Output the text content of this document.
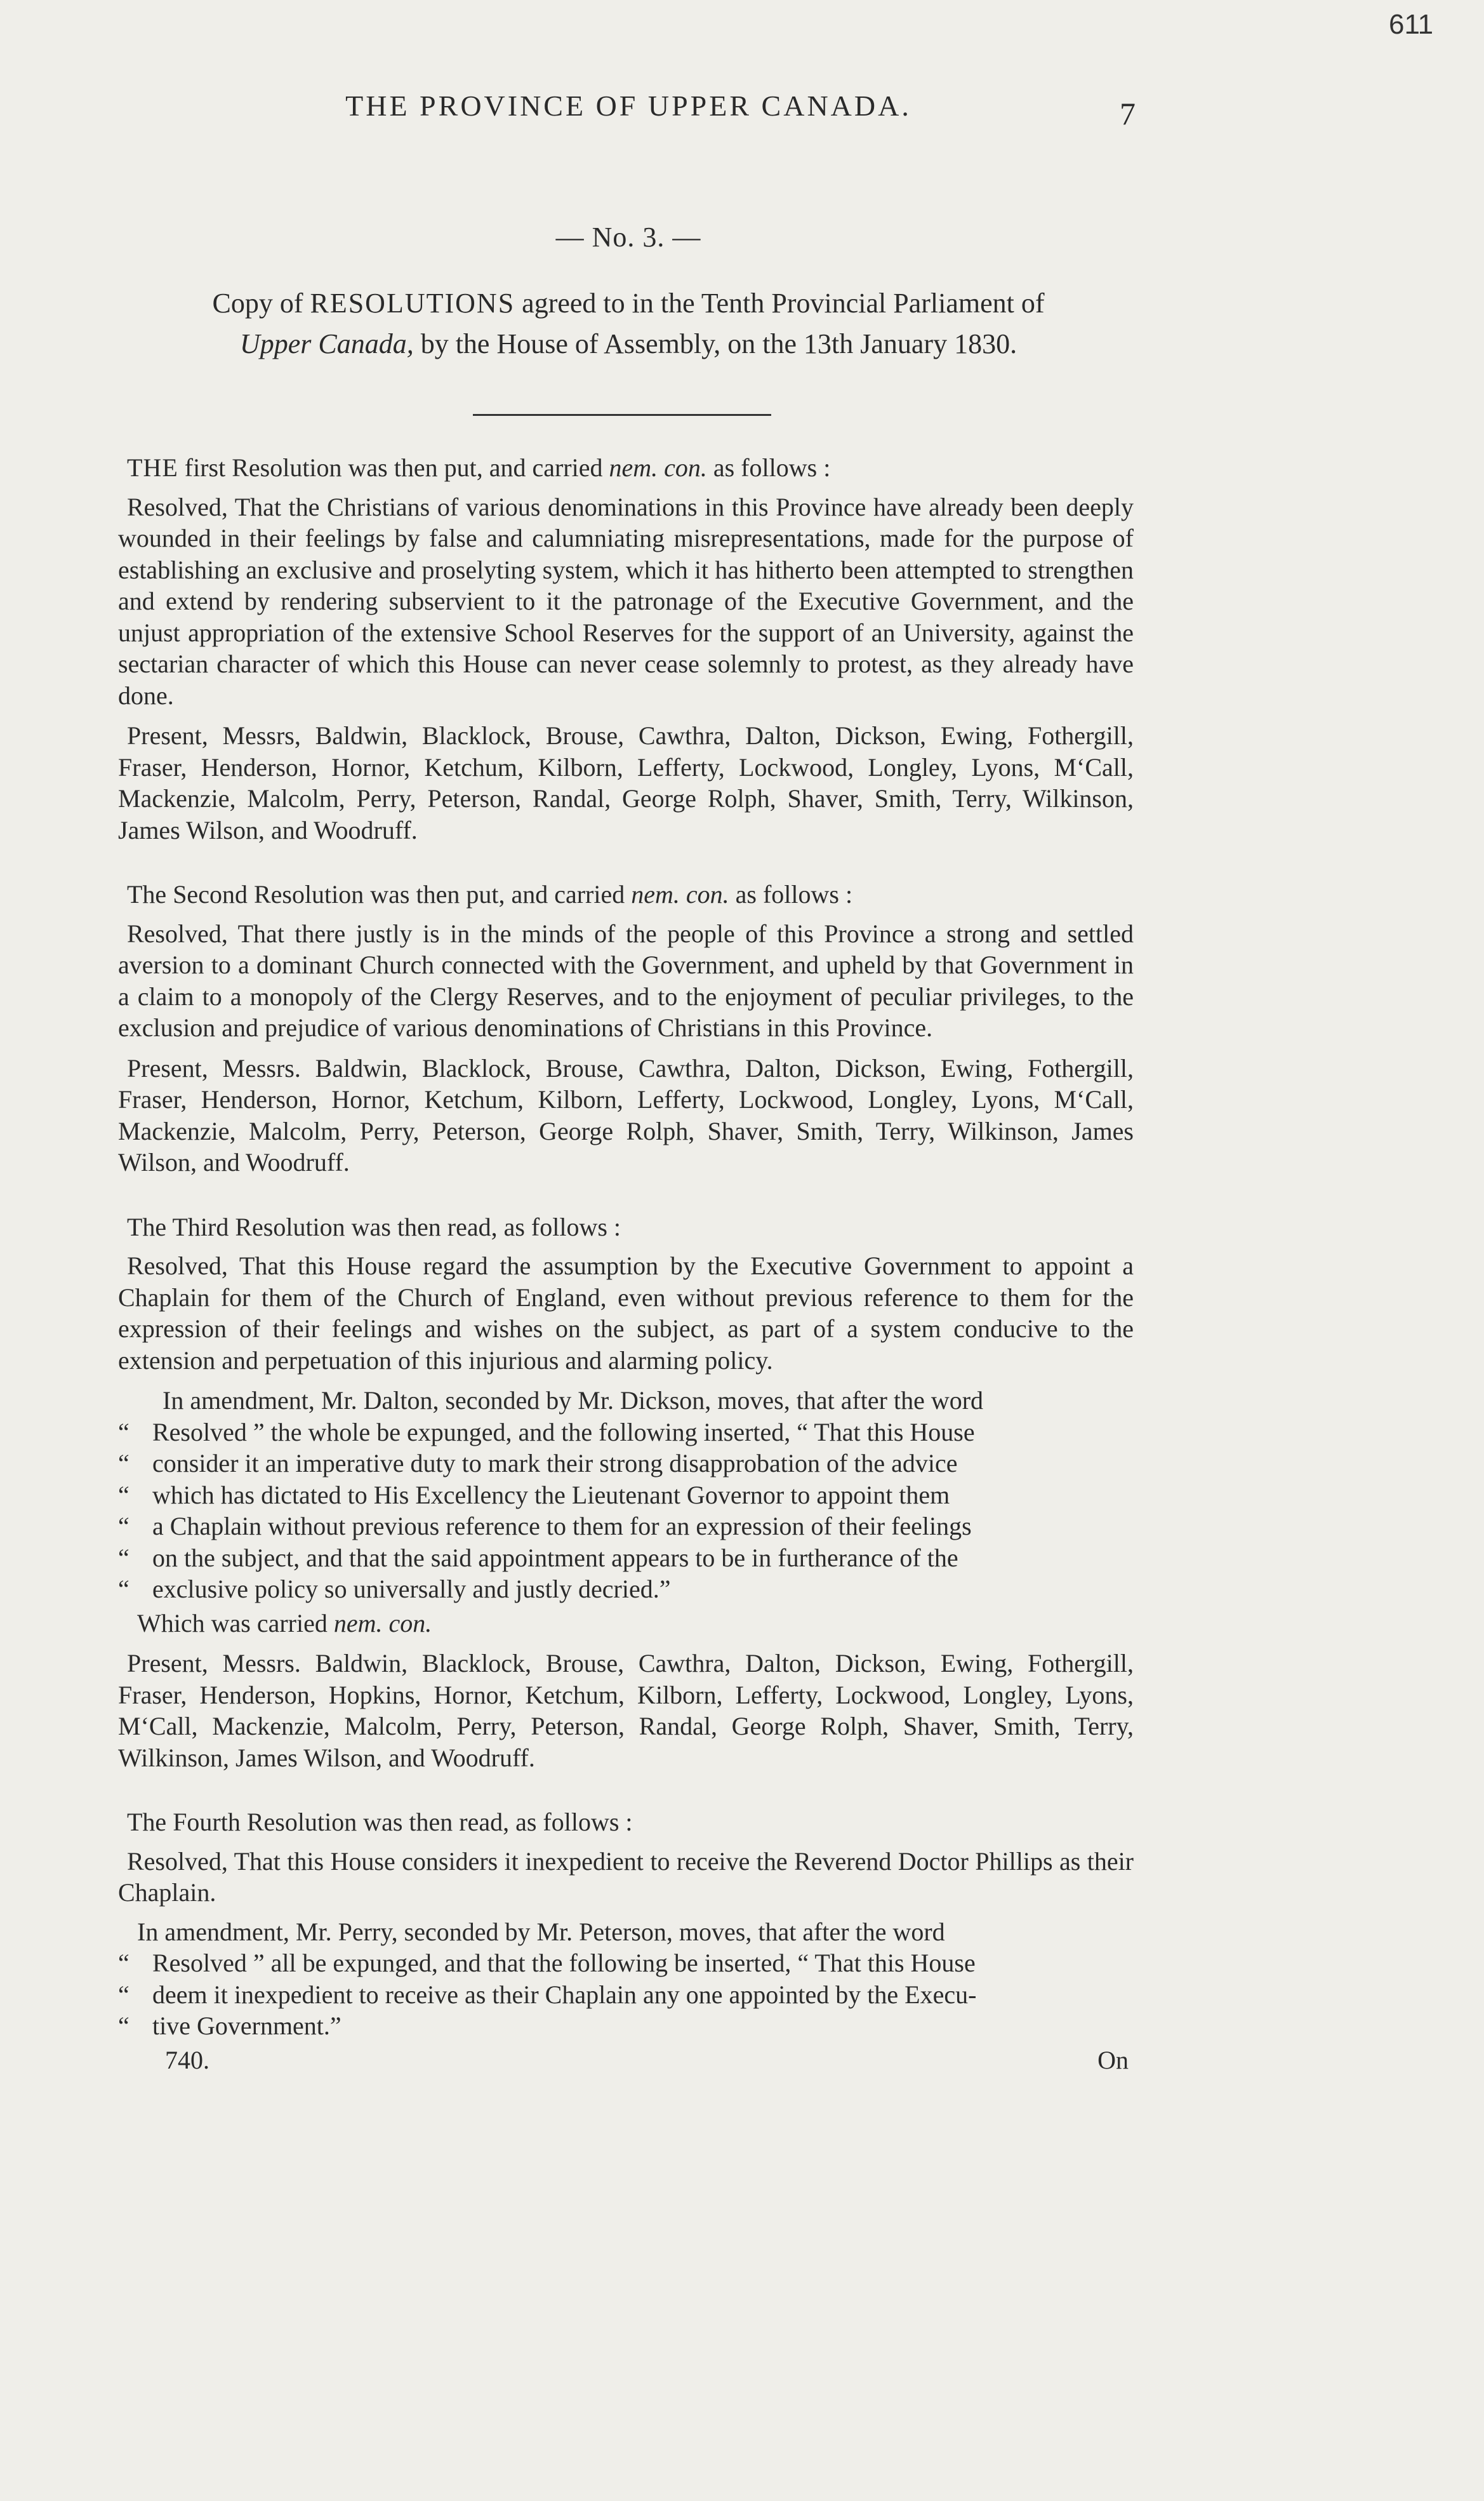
611
THE PROVINCE OF UPPER CANADA.	7
— No. 3. —
Copy of RESOLUTIONS agreed to in the Tenth Provincial Parliament of
Upper Canada, by the House of Assembly, on the 13th January 1830.

THE first Resolution was then put, and carried nem. con. as follows :

Resolved, That the Christians of various denominations in this Province have already been deeply wounded in their feelings by false and calumniating misrepresentations, made for the purpose of establishing an exclusive and proselyting system, which it has hitherto been attempted to strengthen and extend by rendering subservient to it the patronage of the Executive Government, and the unjust appropriation of the extensive School Reserves for the support of an University, against the sectarian character of which this House can never cease solemnly to protest, as they already have done.

Present, Messrs, Baldwin, Blacklock, Brouse, Cawthra, Dalton, Dickson, Ewing, Fothergill, Fraser, Henderson, Hornor, Ketchum, Kilborn, Lefferty, Lockwood, Longley, Lyons, M‘Call, Mackenzie, Malcolm, Perry, Peterson, Randal, George Rolph, Shaver, Smith, Terry, Wilkinson, James Wilson, and Woodruff.

The Second Resolution was then put, and carried nem. con. as follows :

Resolved, That there justly is in the minds of the people of this Province a strong and settled aversion to a dominant Church connected with the Government, and upheld by that Government in a claim to a monopoly of the Clergy Reserves, and to the enjoyment of peculiar privileges, to the exclusion and prejudice of various denominations of Christians in this Province.

Present, Messrs. Baldwin, Blacklock, Brouse, Cawthra, Dalton, Dickson, Ewing, Fothergill, Fraser, Henderson, Hornor, Ketchum, Kilborn, Lefferty, Lockwood, Longley, Lyons, M‘Call, Mackenzie, Malcolm, Perry, Peterson, George Rolph, Shaver, Smith, Terry, Wilkinson, James Wilson, and Woodruff.

The Third Resolution was then read, as follows :

Resolved, That this House regard the assumption by the Executive Government to appoint a Chaplain for them of the Church of England, even without previous reference to them for the expression of their feelings and wishes on the subject, as part of a system conducive to the extension and perpetuation of this injurious and alarming policy.

In amendment, Mr. Dalton, seconded by Mr. Dickson, moves, that after the word

“ Resolved ” the whole be expunged, and the following inserted, “ That this House
“ consider it an imperative duty to mark their strong disapprobation of the advice
“ which has dictated to His Excellency the Lieutenant Governor to appoint them
“ a Chaplain without previous reference to them for an expression of their feelings
“ on the subject, and that the said appointment appears to be in furtherance of the
“ exclusive policy so universally and justly decried.”

Which was carried nem. con.

Present, Messrs. Baldwin, Blacklock, Brouse, Cawthra, Dalton, Dickson, Ewing, Fothergill, Fraser, Henderson, Hopkins, Hornor, Ketchum, Kilborn, Lefferty, Lockwood, Longley, Lyons, M‘Call, Mackenzie, Malcolm, Perry, Peterson, Randal, George Rolph, Shaver, Smith, Terry, Wilkinson, James Wilson, and Woodruff.

The Fourth Resolution was then read, as follows :

Resolved, That this House considers it inexpedient to receive the Reverend Doctor Phillips as their Chaplain.

In amendment, Mr. Perry, seconded by Mr. Peterson, moves, that after the word

“ Resolved ” all be expunged, and that the following be inserted, “ That this House
“ deem it inexpedient to receive as their Chaplain any one appointed by the Execu-
“ tive Government.”
740.	On
